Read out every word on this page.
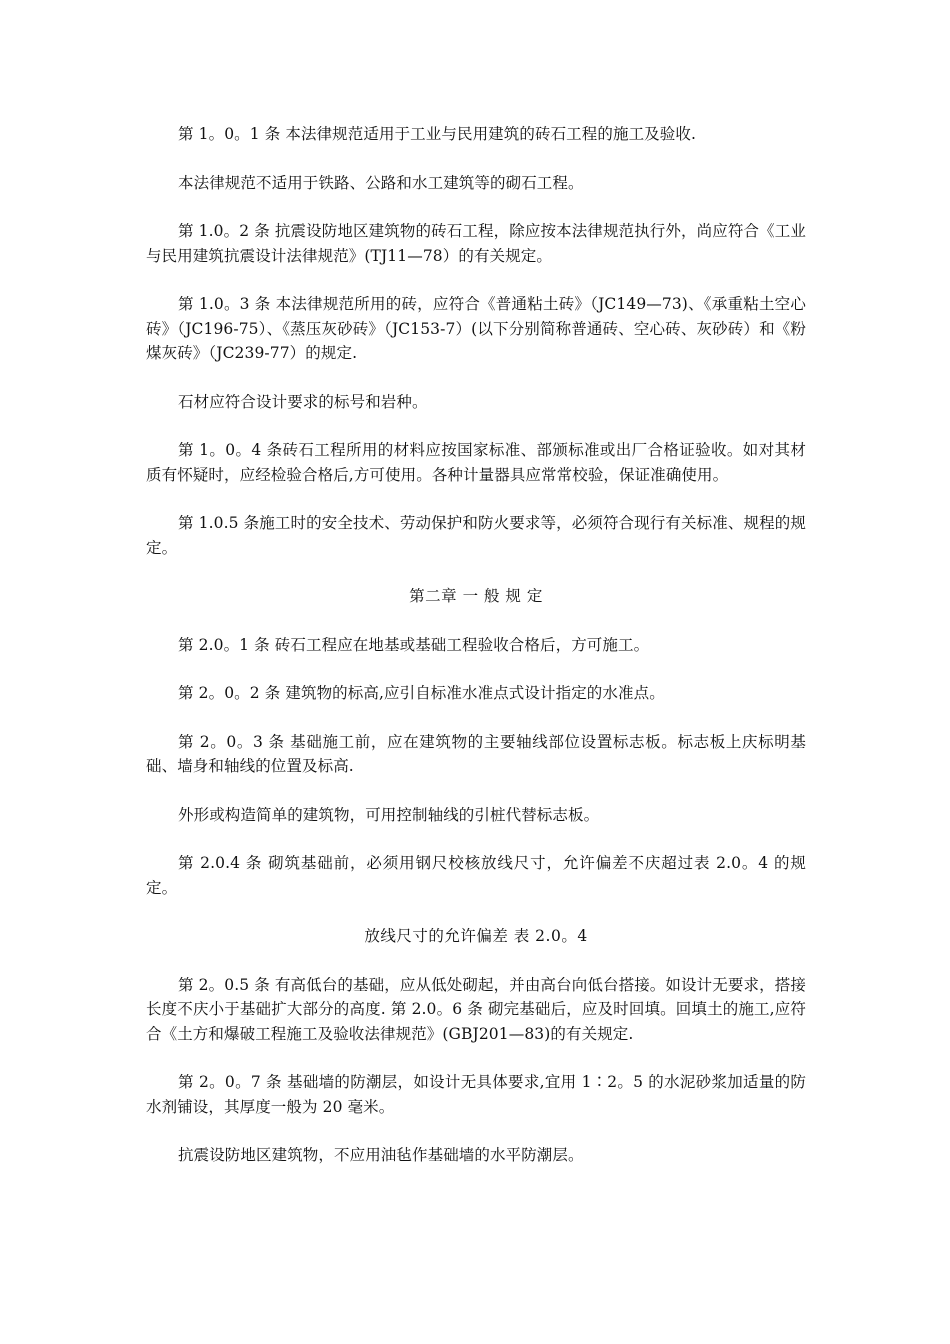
第 1。0。1 条 本法律规范适用于工业与民用建筑的砖石工程的施工及验收.

本法律规范不适用于铁路、公路和水工建筑等的砌石工程。

第 1.0。2 条 抗震设防地区建筑物的砖石工程，除应按本法律规范执行外，尚应符合《工业与民用建筑抗震设计法律规范》(TJ11—78）的有关规定。

第 1.0。3 条 本法律规范所用的砖，应符合《普通粘土砖》（JC149—73)、《承重粘土空心砖》（JC196-75）、《蒸压灰砂砖》（JC153-7）(以下分别简称普通砖、空心砖、灰砂砖）和《粉煤灰砖》（JC239-77）的规定.

石材应符合设计要求的标号和岩种。

第 1。0。4 条砖石工程所用的材料应按国家标准、部颁标准或出厂合格证验收。如对其材质有怀疑时，应经检验合格后,方可使用。各种计量器具应常常校验，保证准确使用。

第 1.0.5 条施工时的安全技术、劳动保护和防火要求等，必须符合现行有关标准、规程的规定。

第二章 一 般 规 定

第 2.0。1 条 砖石工程应在地基或基础工程验收合格后，方可施工。

第 2。0。2 条 建筑物的标高,应引自标准水准点式设计指定的水准点。

第 2。0。3 条 基础施工前，应在建筑物的主要轴线部位设置标志板。标志板上庆标明基础、墙身和轴线的位置及标高.

外形或构造简单的建筑物，可用控制轴线的引桩代替标志板。

第 2.0.4 条 砌筑基础前，必须用钢尺校核放线尺寸，允许偏差不庆超过表 2.0。4 的规定。

放线尺寸的允许偏差 表 2.0。4

第 2。0.5 条 有高低台的基础，应从低处砌起，并由高台向低台搭接。如设计无要求，搭接长度不庆小于基础扩大部分的高度. 第 2.0。6 条 砌完基础后，应及时回填。回填土的施工,应符合《土方和爆破工程施工及验收法律规范》(GBJ201—83)的有关规定.

第 2。0。7 条 基础墙的防潮层，如设计无具体要求,宜用 1∶2。5 的水泥砂浆加适量的防水剂铺设，其厚度一般为 20 毫米。

抗震设防地区建筑物，不应用油毡作基础墙的水平防潮层。
